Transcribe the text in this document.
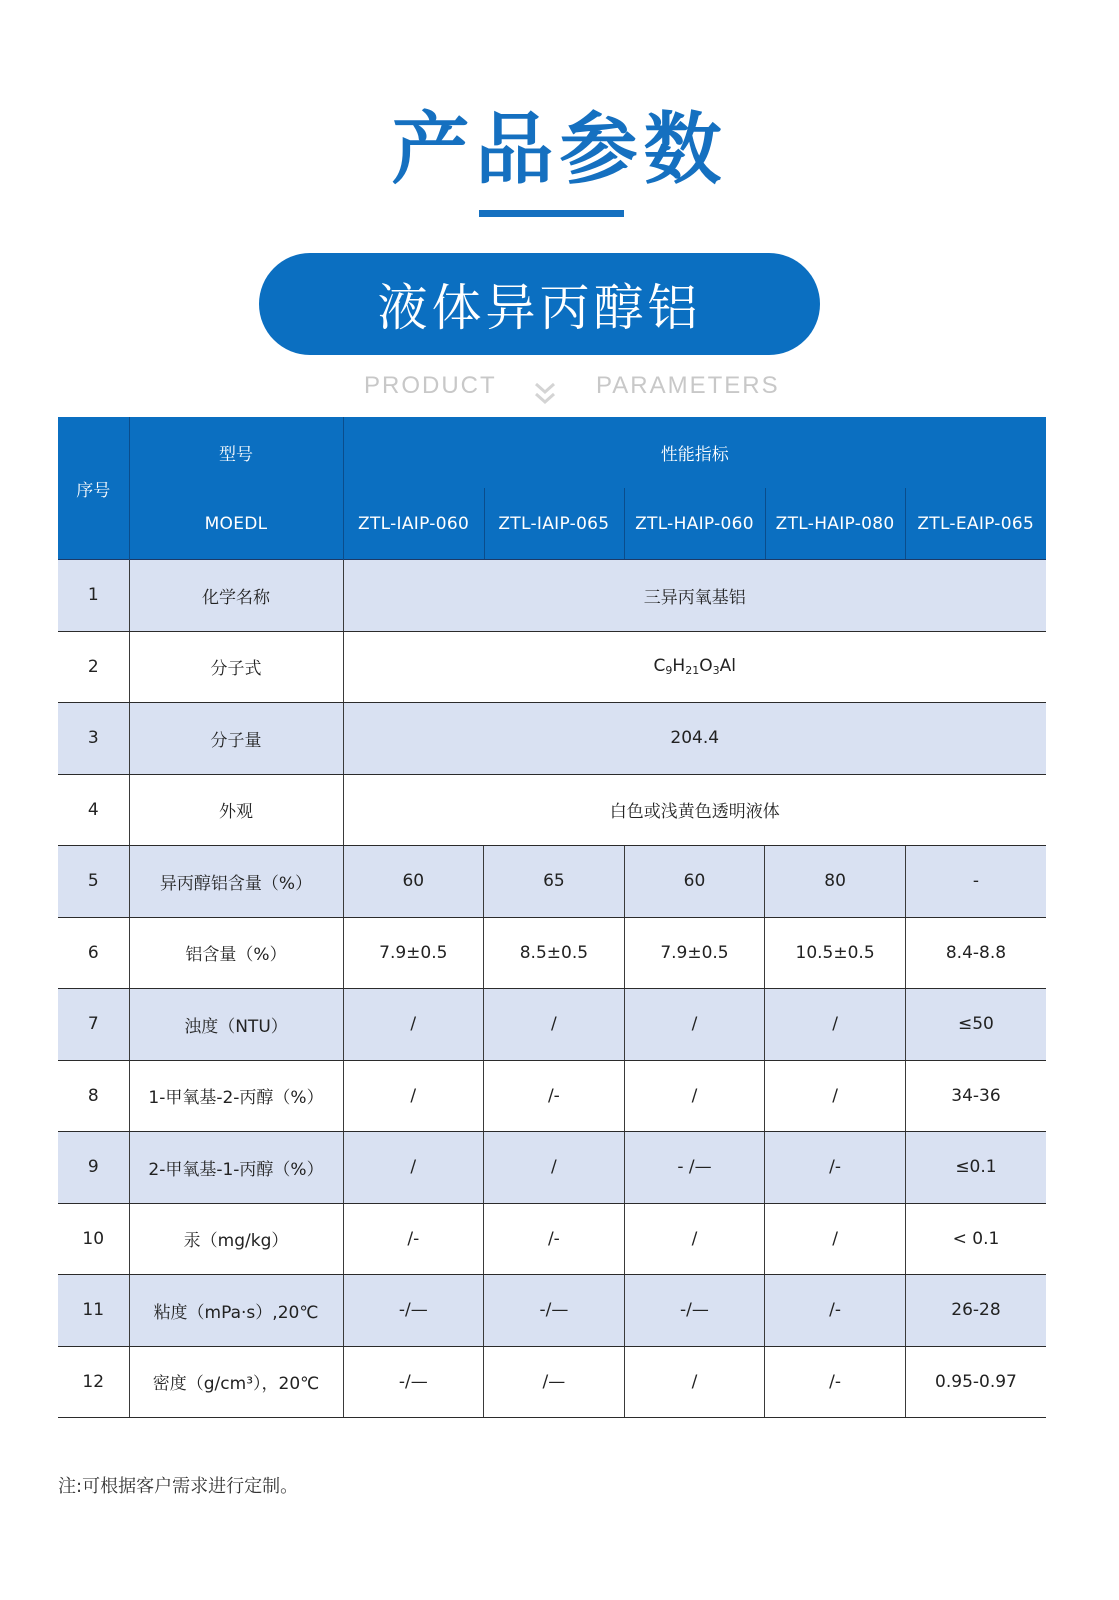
产品参数
液体异丙醇铝
PRODUCT	PARAMETERS
序号	型号	性能指标				
	MOEDL	ZTL-IAIP-060	ZTL-IAIP-065	ZTL-HAIP-060	ZTL-HAIP-080	ZTL-EAIP-065
1	化学名称	三异丙氧基铝				
2	分子式	$C_9H_{21}O_3Al$				
3	分子量	204.4				
4	外观	白色或浅黄色透明液体				
5	异丙醇铝含量（%）	60	65	60	80	-
6	铝含量（%）	7.9±0.5	8.5±0.5	7.9±0.5	10.5±0.5	8.4-8.8
7	浊度（NTU）	/	/	/	/	≤50
8	1-甲氧基-2-丙醇（%）	/	/-	/	/	34-36
9	2-甲氧基-1-丙醇（%）	/	/	- /—	/-	≤0.1
10	汞（mg/kg）	/-	/-	/	/	< 0.1
11	粘度（mPa·s）,20℃	-/—	-/—	-/—	/-	26-28
12	密度（g/cm³），20℃	-/—	/—	/	/-	0.95-0.97
注:可根据客户需求进行定制。
